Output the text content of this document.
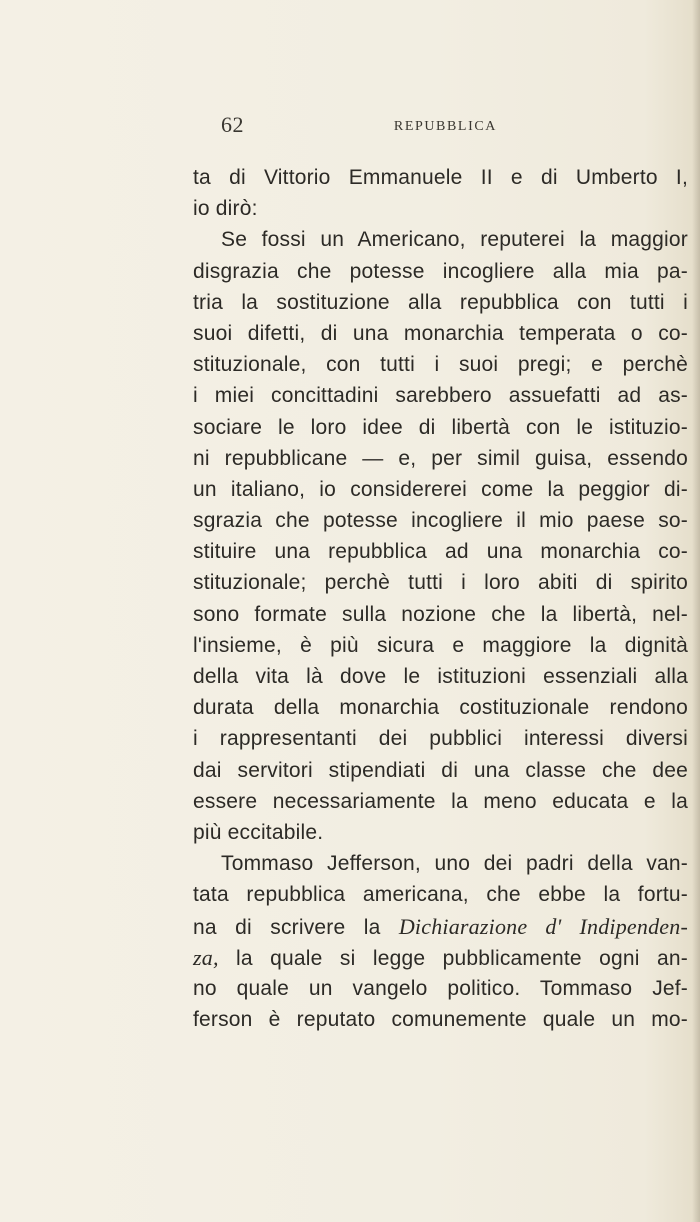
62	REPUBBLICA
ta di Vittorio Emmanuele II e di Umberto I,
io dirò:
Se fossi un Americano, reputerei la maggior
disgrazia che potesse incogliere alla mia pa-
tria la sostituzione alla repubblica con tutti i
suoi difetti, di una monarchia temperata o co-
stituzionale, con tutti i suoi pregi; e perchè
i miei concittadini sarebbero assuefatti ad as-
sociare le loro idee di libertà con le istituzio-
ni repubblicane — e, per simil guisa, essendo
un italiano, io considererei come la peggior di-
sgrazia che potesse incogliere il mio paese so-
stituire una repubblica ad una monarchia co-
stituzionale; perchè tutti i loro abiti di spirito
sono formate sulla nozione che la libertà, nel-
l'insieme, è più sicura e maggiore la dignità
della vita là dove le istituzioni essenziali alla
durata della monarchia costituzionale rendono
i rappresentanti dei pubblici interessi diversi
dai servitori stipendiati di una classe che dee
essere necessariamente la meno educata e la
più eccitabile.
Tommaso Jefferson, uno dei padri della van-
tata repubblica americana, che ebbe la fortu-
na di scrivere la Dichiarazione d' Indipenden-
za, la quale si legge pubblicamente ogni an-
no quale un vangelo politico. Tommaso Jef-
ferson è reputato comunemente quale un mo-
